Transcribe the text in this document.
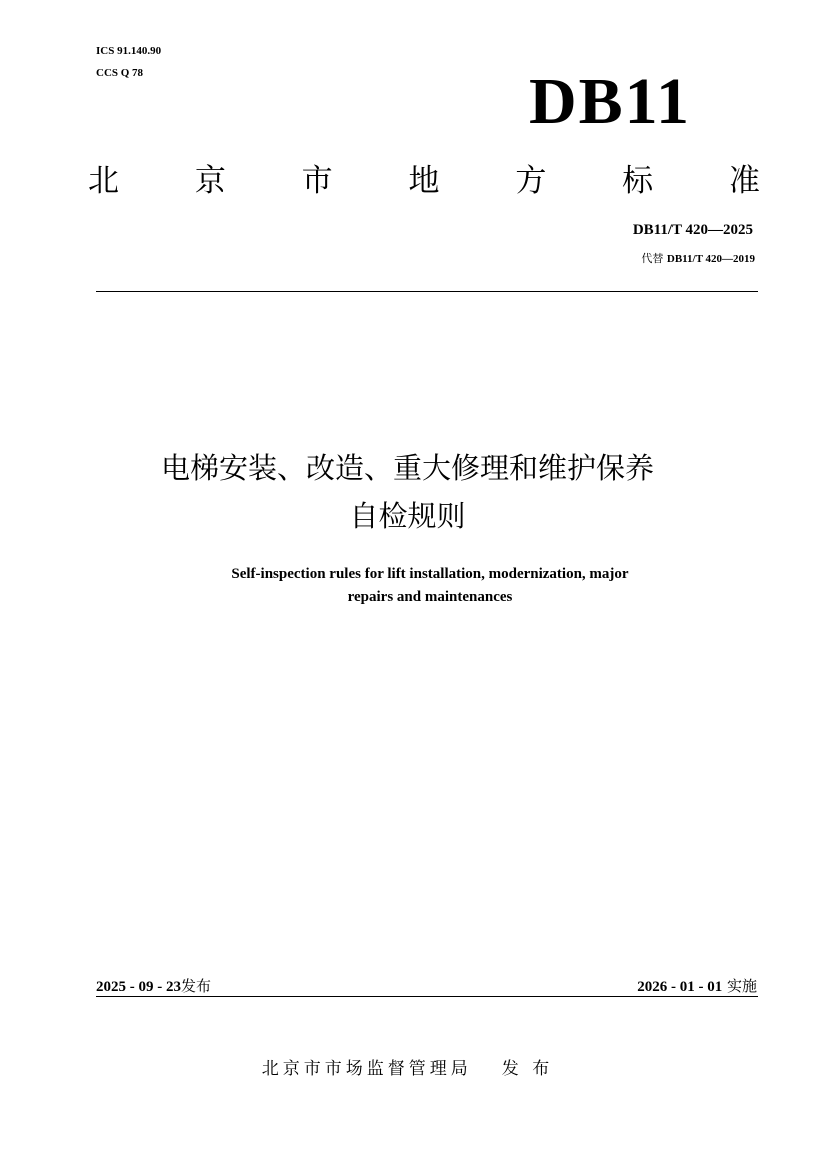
ICS 91.140.90
CCS Q 78	DB11
北 京 市 地 方 标 准
DB11/T 420—2025
代替 DB11/T 420—2019
电梯安装、改造、重大修理和维护保养
自检规则
Self-inspection rules for lift installation, modernization, major
repairs and maintenances
2025 - 09 - 23发布	2026 - 01 - 01 实施
北京市市场监督管理局 发 布
